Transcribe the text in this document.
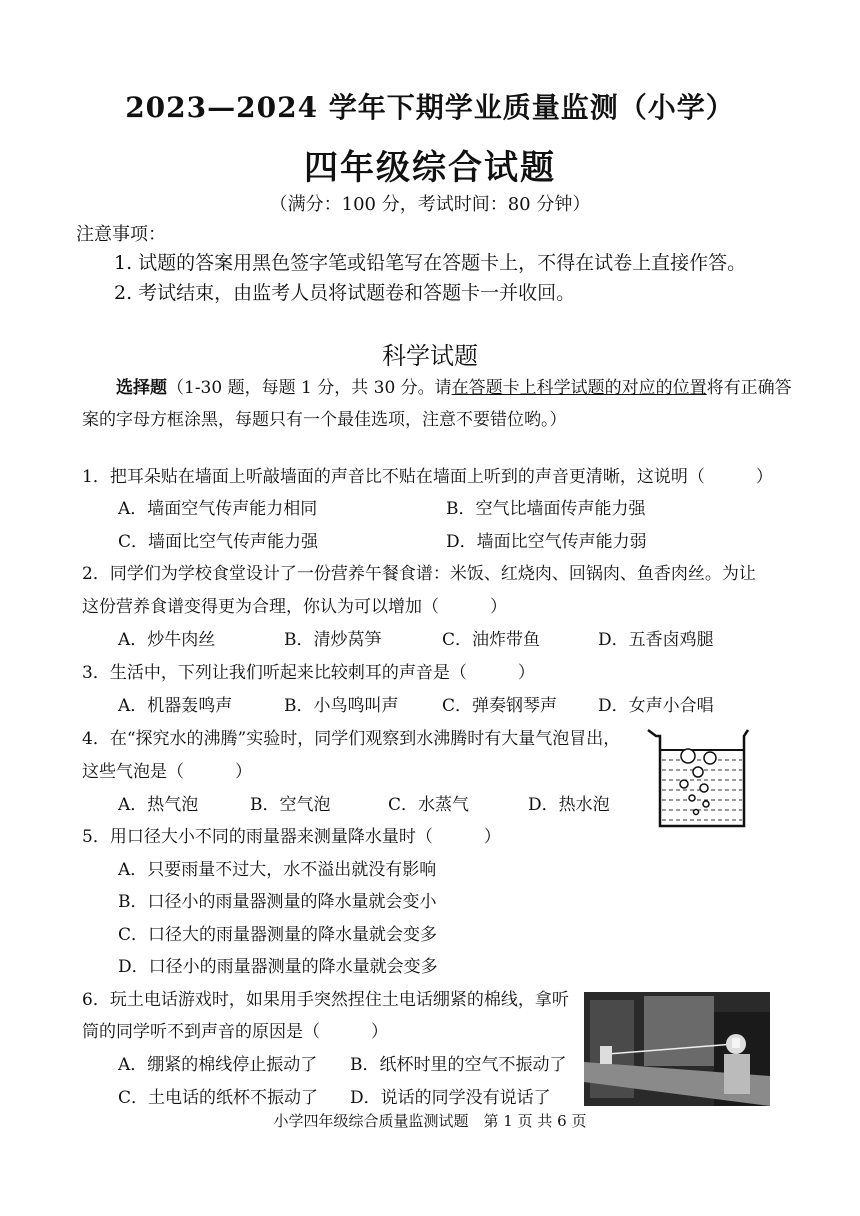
2023—2024 学年下期学业质量监测（小学）
四年级综合试题
（满分：100 分，考试时间：80 分钟）
注意事项：
1. 试题的答案用黑色签字笔或铅笔写在答题卡上，不得在试卷上直接作答。
2. 考试结束，由监考人员将试题卷和答题卡一并收回。
科学试题
选择题（1-30 题，每题 1 分，共 30 分。请在答题卡上科学试题的对应的位置将有正确答案的字母方框涂黑，每题只有一个最佳选项，注意不要错位哟。）
1．把耳朵贴在墙面上听敲墙面的声音比不贴在墙面上听到的声音更清晰，这说明（　　　）
A．墙面空气传声能力相同	B．空气比墙面传声能力强
C．墙面比空气传声能力强	D．墙面比空气传声能力弱
2．同学们为学校食堂设计了一份营养午餐食谱：米饭、红烧肉、回锅肉、鱼香肉丝。为让
这份营养食谱变得更为合理，你认为可以增加（　　　）
A．炒牛肉丝	B．清炒莴笋	C．油炸带鱼	D．五香卤鸡腿
3．生活中，下列让我们听起来比较刺耳的声音是（　　　）
A．机器轰鸣声	B．小鸟鸣叫声	C．弹奏钢琴声 D．女声小合唱
4．在“探究水的沸腾”实验时，同学们观察到水沸腾时有大量气泡冒出，
这些气泡是（　　　）
A．热气泡	B．空气泡	C．水蒸气	D．热水泡
5．用口径大小不同的雨量器来测量降水量时（　　　）
A．只要雨量不过大，水不溢出就没有影响
B．口径小的雨量器测量的降水量就会变小
C．口径大的雨量器测量的降水量就会变多
D．口径小的雨量器测量的降水量就会变多
6．玩土电话游戏时，如果用手突然捏住土电话绷紧的棉线，拿听
筒的同学听不到声音的原因是（　　　）
A．绷紧的棉线停止振动了 B．纸杯时里的空气不振动了
C．土电话的纸杯不振动了 D．说话的同学没有说话了
小学四年级综合质量监测试题　第 1 页 共 6 页
